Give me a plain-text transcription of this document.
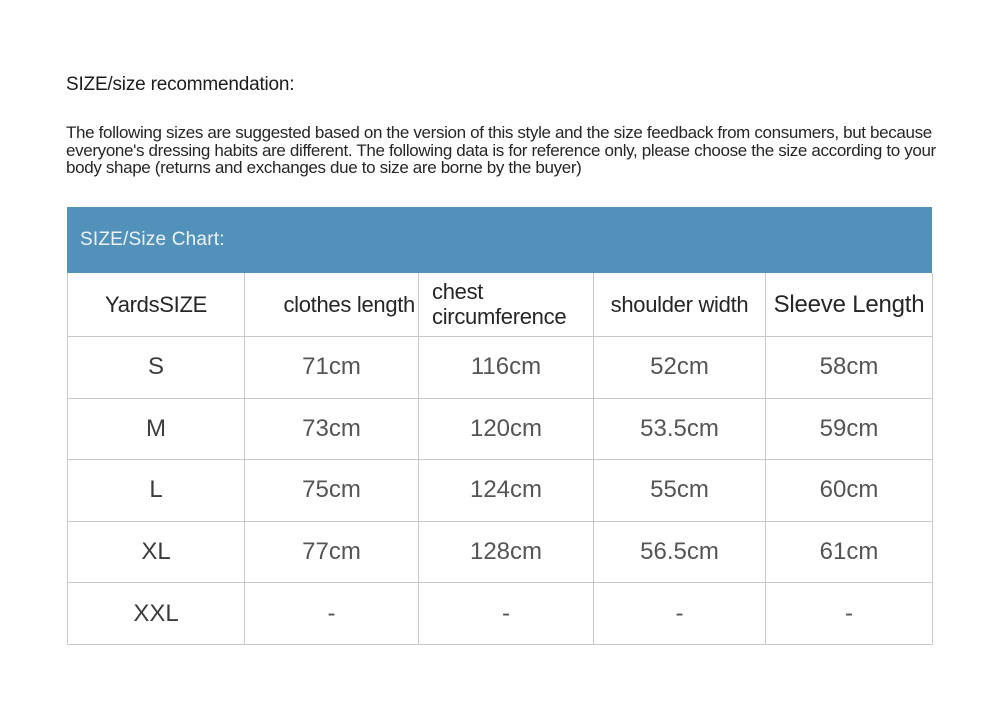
SIZE/size recommendation:
The following sizes are suggested based on the version of this style and the size feedback from consumers, but because everyone's dressing habits are different. The following data is for reference only, please choose the size according to your body shape (returns and exchanges due to size are borne by the buyer)
SIZE/Size Chart:
YardsSIZE	clothes length	chest circumference	shoulder width	Sleeve Length
S	71cm	116cm	52cm	58cm
M	73cm	120cm	53.5cm	59cm
L	75cm	124cm	55cm	60cm
XL	77cm	128cm	56.5cm	61cm
XXL	-	-	-	-
